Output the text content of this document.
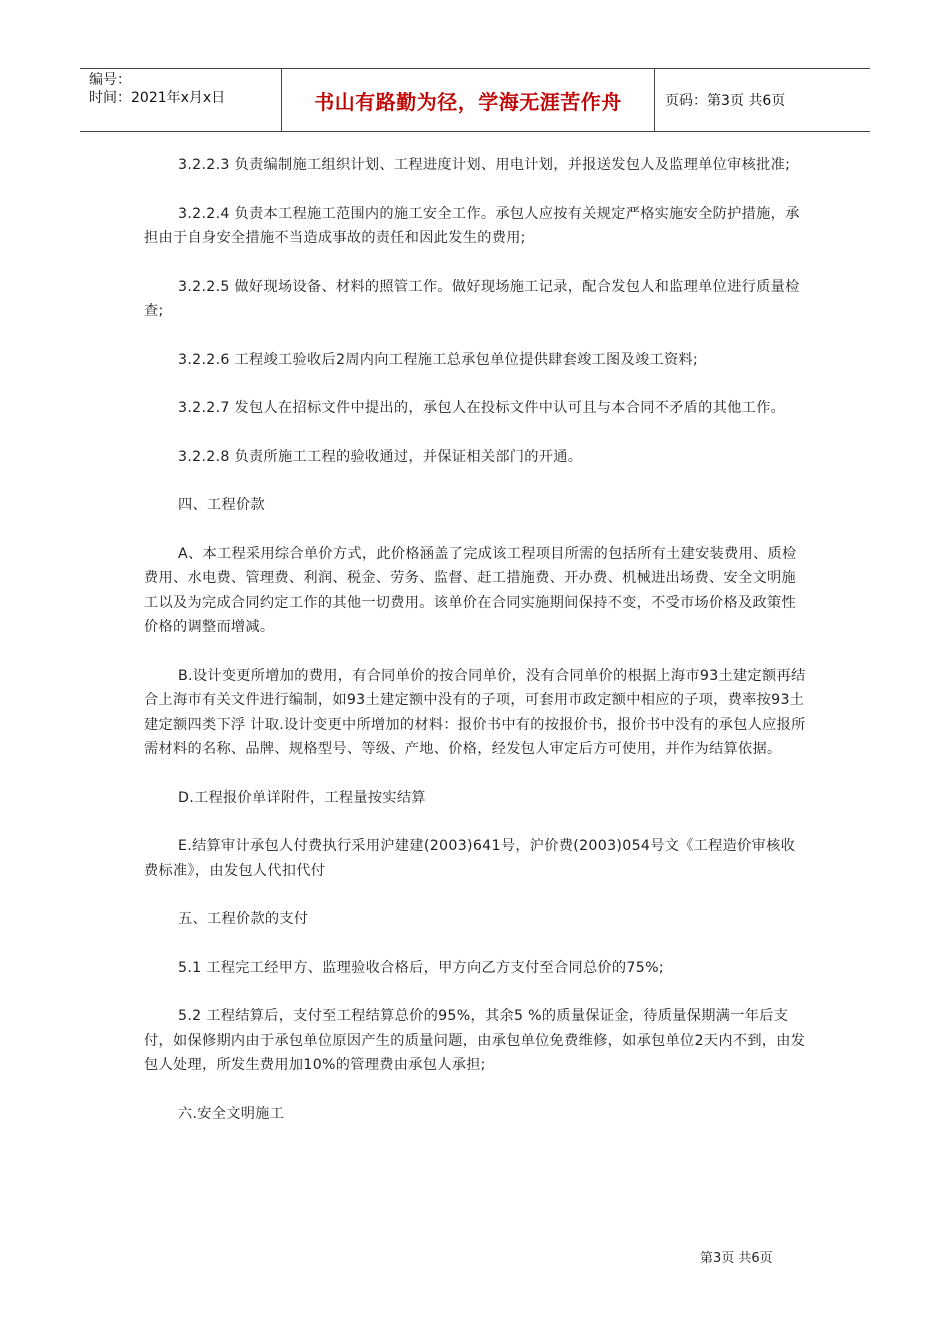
编号：
时间：2021年x月x日	书山有路勤为径，学海无涯苦作舟	页码：第3页 共6页

3.2.2.3 负责编制施工组织计划、工程进度计划、用电计划，并报送发包人及监理单位审核批准;

3.2.2.4 负责本工程施工范围内的施工安全工作。承包人应按有关规定严格实施安全防护措施，承担由于自身安全措施不当造成事故的责任和因此发生的费用;

3.2.2.5 做好现场设备、材料的照管工作。做好现场施工记录，配合发包人和监理单位进行质量检查;

3.2.2.6 工程竣工验收后2周内向工程施工总承包单位提供肆套竣工图及竣工资料;

3.2.2.7 发包人在招标文件中提出的，承包人在投标文件中认可且与本合同不矛盾的其他工作。

3.2.2.8 负责所施工工程的验收通过，并保证相关部门的开通。

四、工程价款

A、本工程采用综合单价方式，此价格涵盖了完成该工程项目所需的包括所有土建安装费用、质检费用、水电费、管理费、利润、税金、劳务、监督、赶工措施费、开办费、机械进出场费、安全文明施工以及为完成合同约定工作的其他一切费用。该单价在合同实施期间保持不变，不受市场价格及政策性价格的调整而增减。

B.设计变更所增加的费用，有合同单价的按合同单价，没有合同单价的根据上海市93土建定额再结合上海市有关文件进行编制，如93土建定额中没有的子项，可套用市政定额中相应的子项，费率按93土建定额四类下浮 计取.设计变更中所增加的材料：报价书中有的按报价书，报价书中没有的承包人应报所需材料的名称、品牌、规格型号、等级、产地、价格，经发包人审定后方可使用，并作为结算依据。

D.工程报价单详附件，工程量按实结算

E.结算审计承包人付费执行采用沪建建(2003)641号，沪价费(2003)054号文《工程造价审核收费标准》，由发包人代扣代付

五、工程价款的支付

5.1 工程完工经甲方、监理验收合格后，甲方向乙方支付至合同总价的75%;

5.2 工程结算后，支付至工程结算总价的95%，其余5 %的质量保证金，待质量保期满一年后支付，如保修期内由于承包单位原因产生的质量问题，由承包单位免费维修，如承包单位2天内不到，由发包人处理，所发生费用加10%的管理费由承包人承担;

六.安全文明施工

第3页 共6页
